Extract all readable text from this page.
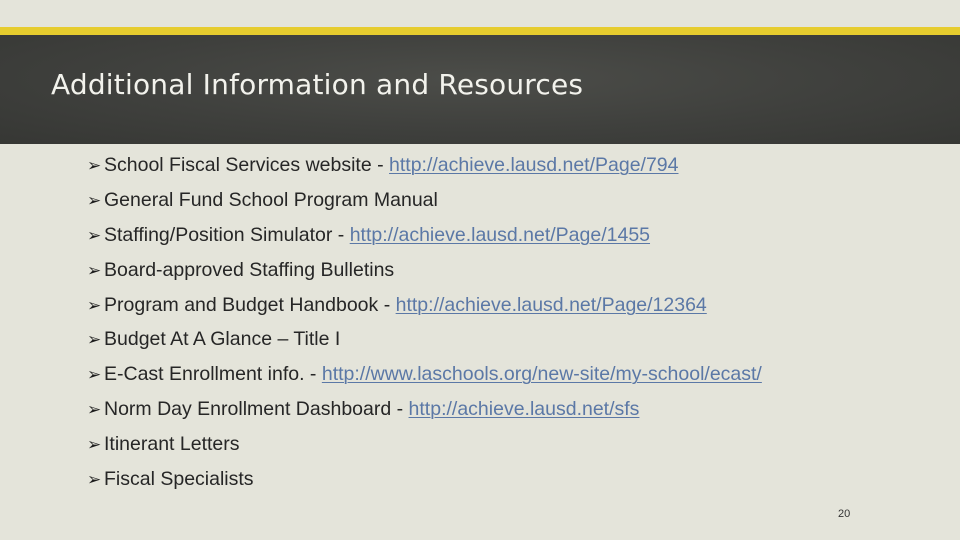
Additional Information and Resources
➢ School Fiscal Services website - http://achieve.lausd.net/Page/794
➢ General Fund School Program Manual
➢ Staffing/Position Simulator - http://achieve.lausd.net/Page/1455
➢ Board-approved Staffing Bulletins
➢ Program and Budget Handbook - http://achieve.lausd.net/Page/12364
➢ Budget At A Glance – Title I
➢ E-Cast Enrollment info. - http://www.laschools.org/new-site/my-school/ecast/
➢ Norm Day Enrollment Dashboard - http://achieve.lausd.net/sfs
➢ Itinerant Letters
➢ Fiscal Specialists
20
